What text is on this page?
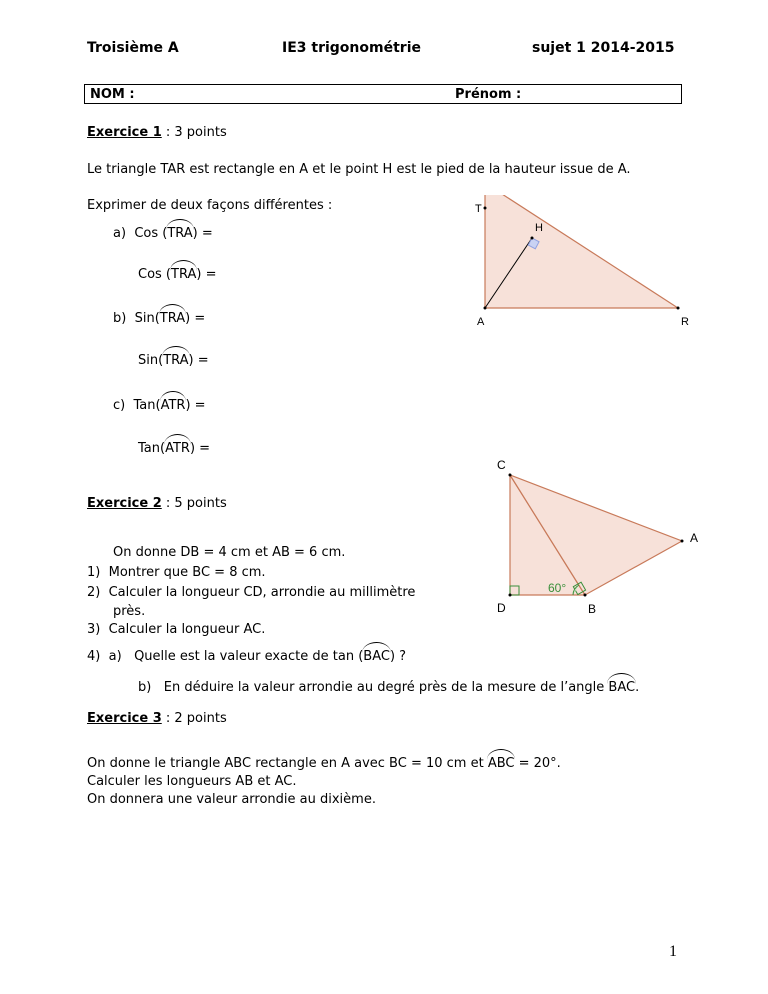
Troisième A	IE3 trigonométrie	sujet 1 2014-2015
NOM :	Prénom :
Exercice 1 : 3 points
Le triangle TAR est rectangle en A et le point H est le pied de la hauteur issue de A.
Exprimer de deux façons différentes :
a) Cos (TRA) =
Cos (TRA) =
b) Sin(TRA) =
Sin(TRA) =
c) Tan(ATR) =
Tan(ATR) =
T
H
A	R
Exercice 2 : 5 points
On donne DB = 4 cm et AB = 6 cm.
1) Montrer que BC = 8 cm.
2) Calculer la longueur CD, arrondie au millimètre
près.
3) Calculer la longueur AC.
4) a) Quelle est la valeur exacte de tan (BAC) ?
b) En déduire la valeur arrondie au degré près de la mesure de l’angle BAC.
C
A
D	B
60°
Exercice 3 : 2 points
On donne le triangle ABC rectangle en A avec BC = 10 cm et ABC = 20°.
Calculer les longueurs AB et AC.
On donnera une valeur arrondie au dixième.
1
